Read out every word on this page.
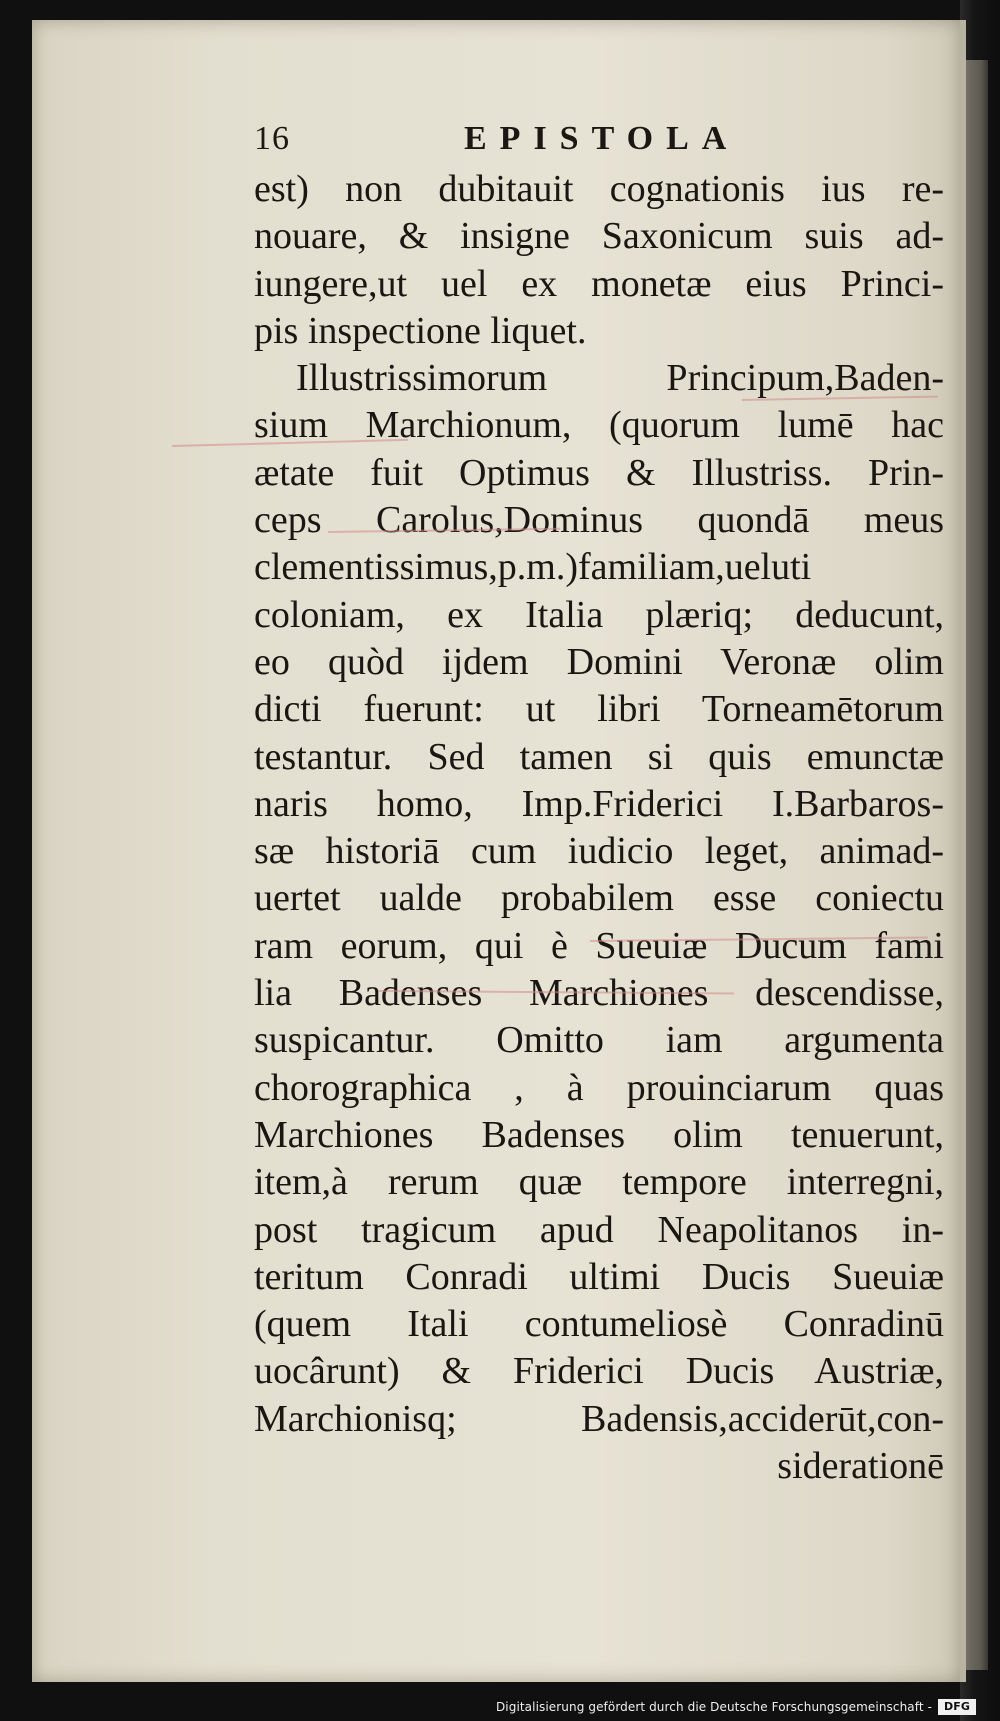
16	EPISTOLA
est) non dubitauit cognationis ius re-
nouare, & insigne Saxonicum suis ad-
iungere,ut uel ex monetæ eius Princi-
pis inspectione liquet.
Illustrissimorum Principum,Baden-
sium Marchionum, (quorum lumē hac
ætate fuit Optimus & Illustriss. Prin-
ceps Carolus,Dominus quondā meus
clementissimus,p.m.)familiam,ueluti
coloniam, ex Italia plæriq; deducunt,
eo quòd ijdem Domini Veronæ olim
dicti fuerunt: ut libri Torneamētorum
testantur. Sed tamen si quis emunctæ
naris homo, Imp.Friderici I.Barbaros-
sæ historiā cum iudicio leget, animad-
uertet ualde probabilem esse coniectu
ram eorum, qui è Sueuiæ Ducum fami
lia Badenses Marchiones descendisse,
suspicantur. Omitto iam argumenta
chorographica , à prouinciarum quas
Marchiones Badenses olim tenuerunt,
item,à rerum quæ tempore interregni,
post tragicum apud Neapolitanos in-
teritum Conradi ultimi Ducis Sueuiæ
(quem Itali contumeliosè Conradinū
uocârunt) & Friderici Ducis Austriæ,
Marchionisq; Badensis,acciderūt,con-
siderationē
Digitalisierung gefördert durch die Deutsche Forschungsgemeinschaft - DFG
